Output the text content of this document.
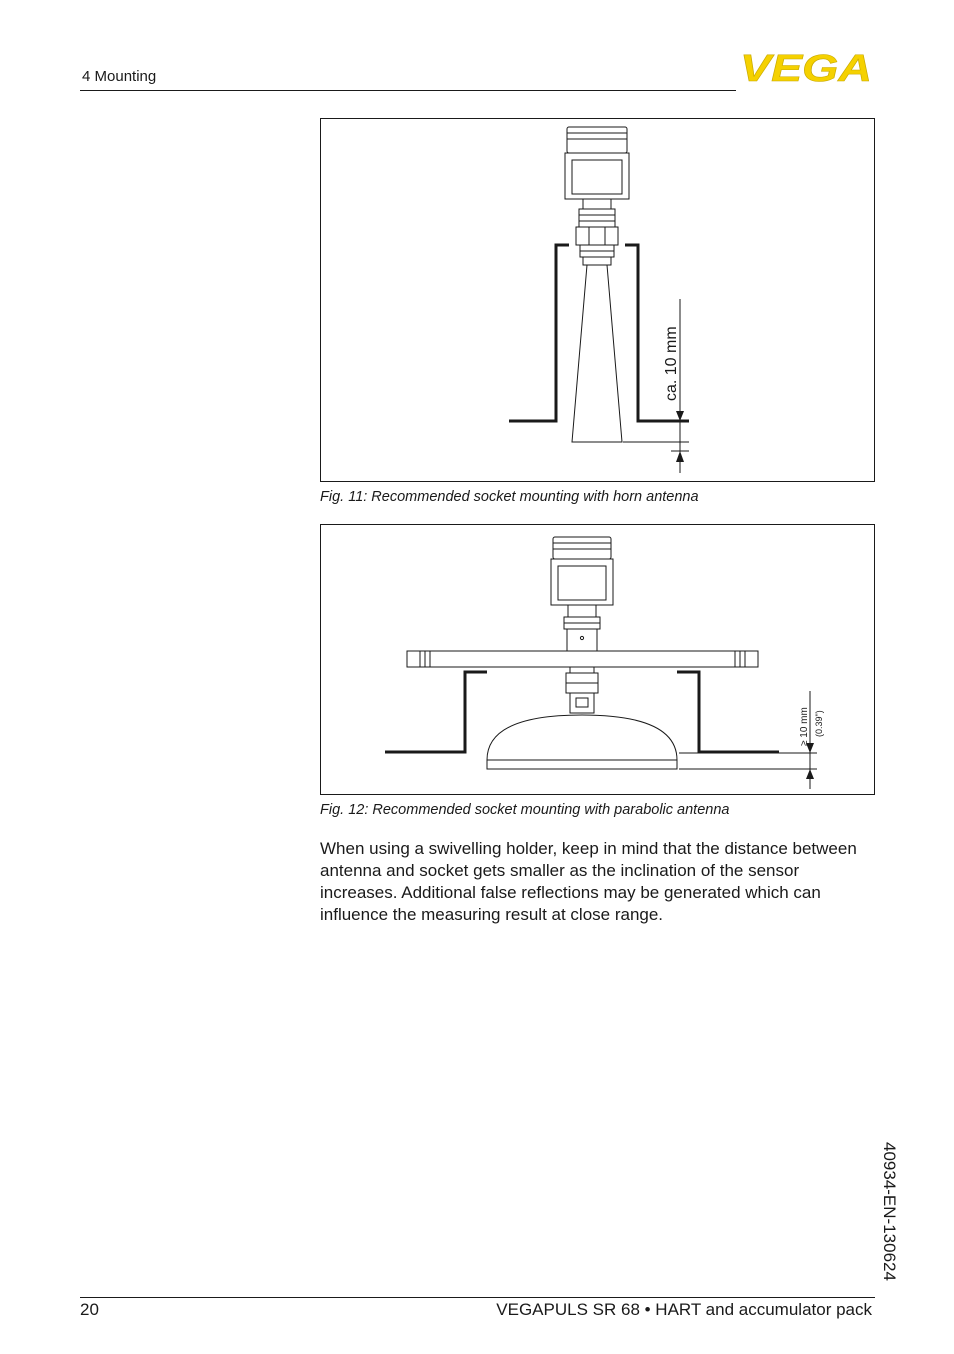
4 Mounting	VEGA
ca. 10 mm
Fig. 11: Recommended socket mounting with horn antenna
≥ 10 mm (0.39")
Fig. 12: Recommended socket mounting with parabolic antenna

When using a swivelling holder, keep in mind that the distance between antenna and socket gets smaller as the inclination of the sensor increases. Additional false reflections may be generated which can influence the measuring result at close range.

40934-EN-130624
20	VEGAPULS SR 68 • HART and accumulator pack
